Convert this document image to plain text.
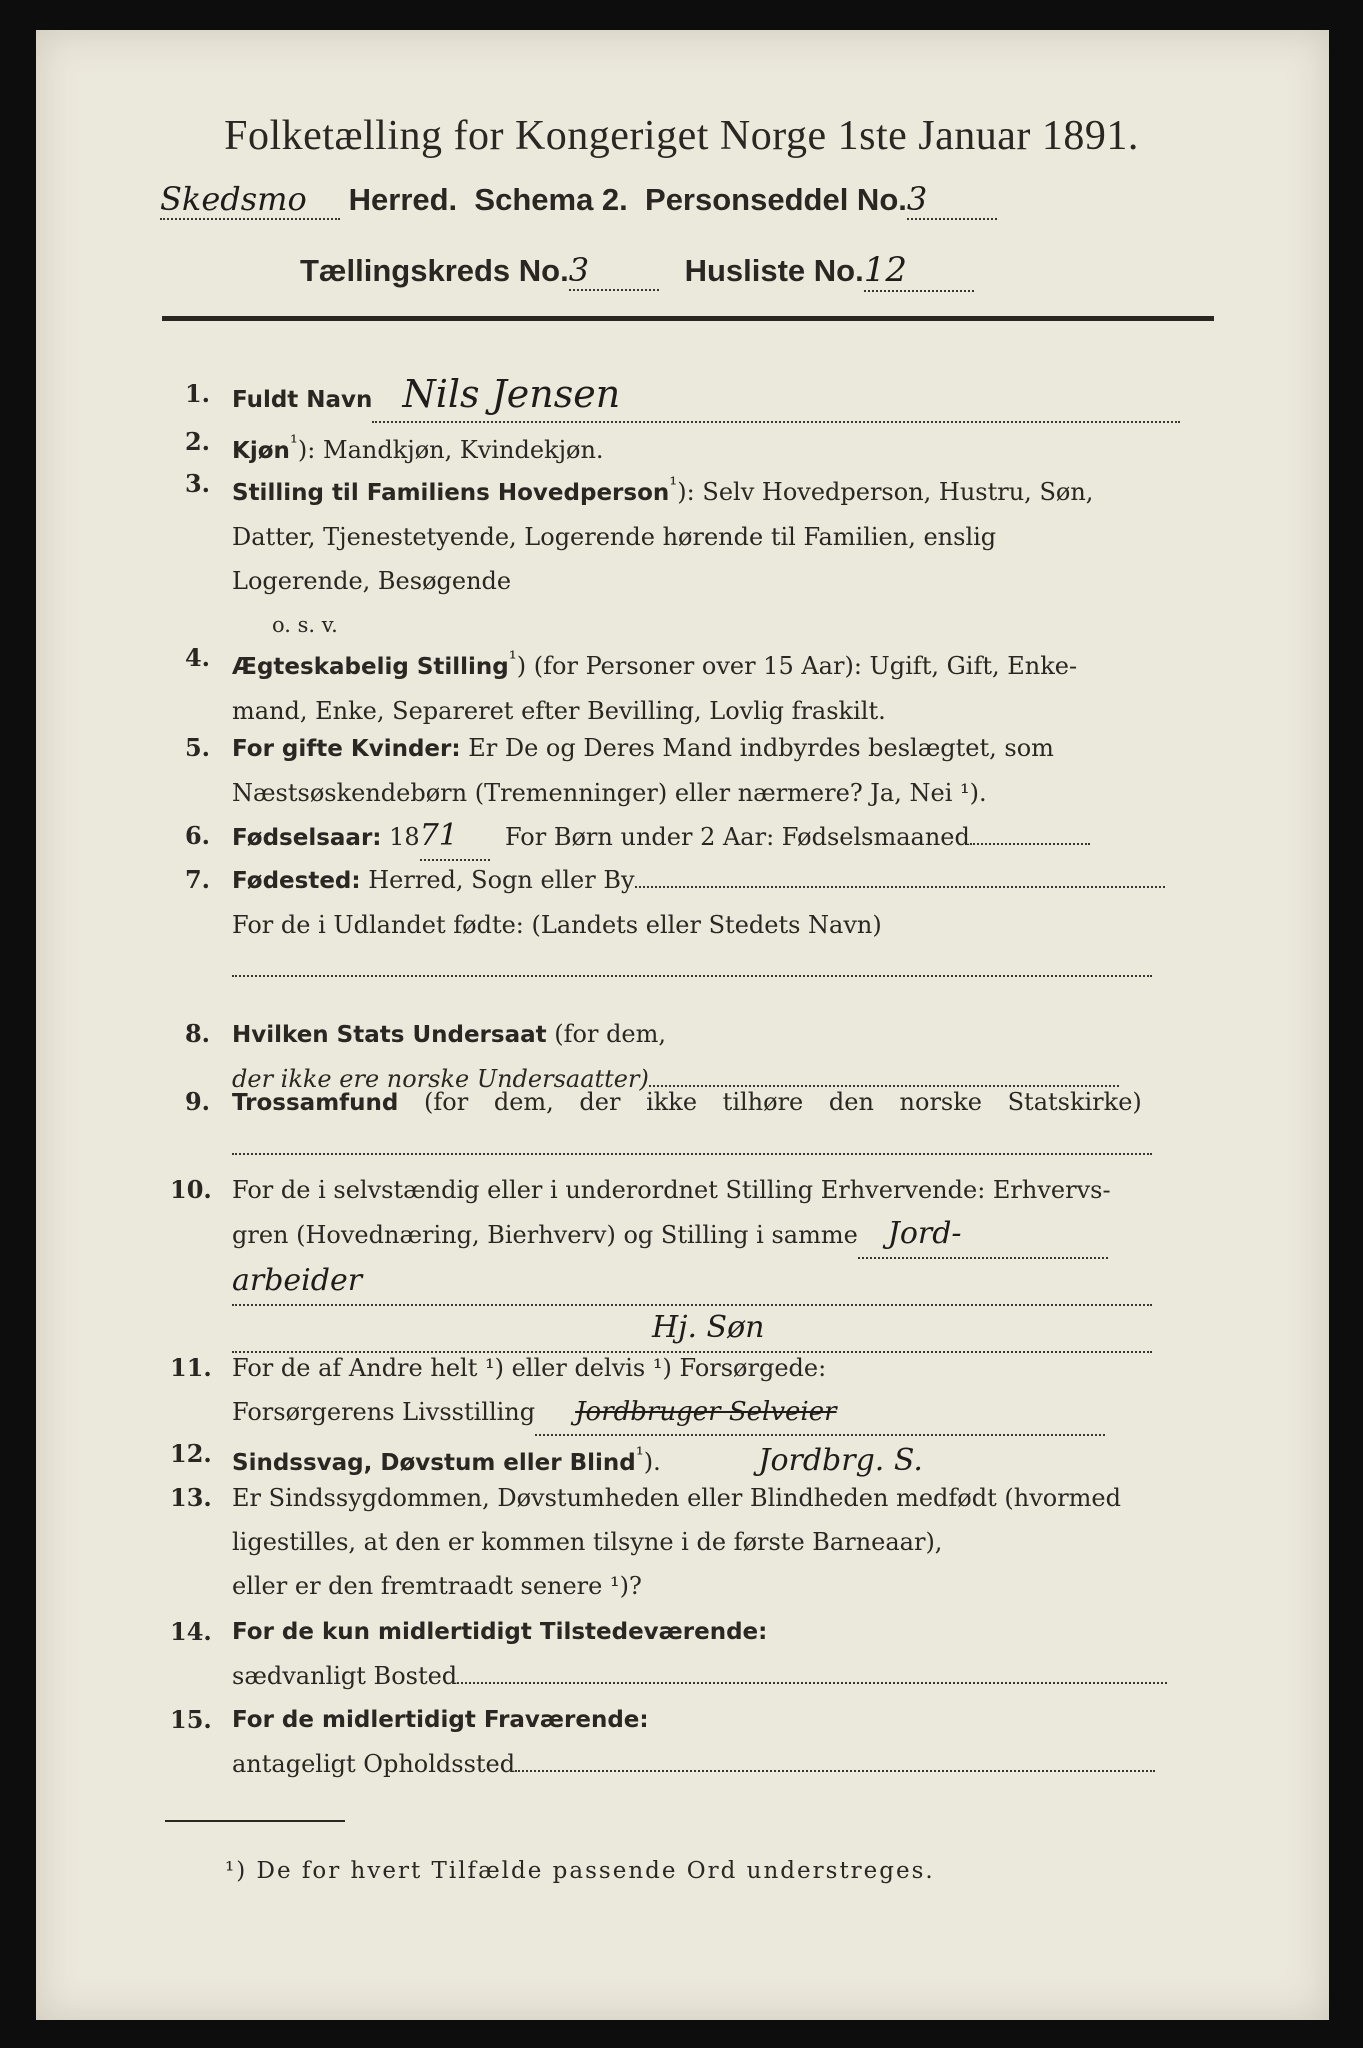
Folketælling for Kongeriget Norge 1ste Januar 1891.
Skedsmo Herred. Schema 2. Personseddel No.3
Tællingskreds No.3	Husliste No.12
1. Fuldt Navn Nils Jensen
2. Kjøn$^{^1}$): Mandkjøn, Kvindekjøn.
3. Stilling til Familiens Hovedperson$^{^1}$): Selv Hovedperson, Hustru, Søn,
Datter, Tjenestetyende, Logerende hørende til Familien, enslig
Logerende, Besøgende
o. s. v.
4. Ægteskabelig Stilling$^{^1}$) (for Personer over 15 Aar): Ugift, Gift, Enke-
mand, Enke, Separeret efter Bevilling, Lovlig fraskilt.
5. For gifte Kvinder: Er De og Deres Mand indbyrdes beslægtet, som
Næstsøskendebørn (Tremenninger) eller nærmere? Ja, Nei ¹).
6. Fødselsaar: 1871 For Børn under 2 Aar: Fødselsmaaned
7. Fødested: Herred, Sogn eller By
For de i Udlandet fødte: (Landets eller Stedets Navn)
8. Hvilken Stats Undersaat (for dem,
der ikke ere norske Undersaatter)
9. Trossamfund (for dem, der ikke tilhøre den norske Statskirke)
10. For de i selvstændig eller i underordnet Stilling Erhvervende: Erhvervs-
gren (Hovednæring, Bierhverv) og Stilling i samme Jord-
arbeider
Hj. Søn
11. For de af Andre helt ¹) eller delvis ¹) Forsørgede:
Forsørgerens Livsstilling Jordbruger Selveier
12. Sindssvag, Døvstum eller Blind$^{^1}$).	Jordbrg. S.
13. Er Sindssygdommen, Døvstumheden eller Blindheden medfødt (hvormed
ligestilles, at den er kommen tilsyne i de første Barneaar),
eller er den fremtraadt senere ¹)?
14. For de kun midlertidigt Tilstedeværende:
sædvanligt Bosted
15. For de midlertidigt Fraværende:
antageligt Opholdssted
¹) De for hvert Tilfælde passende Ord understreges.
